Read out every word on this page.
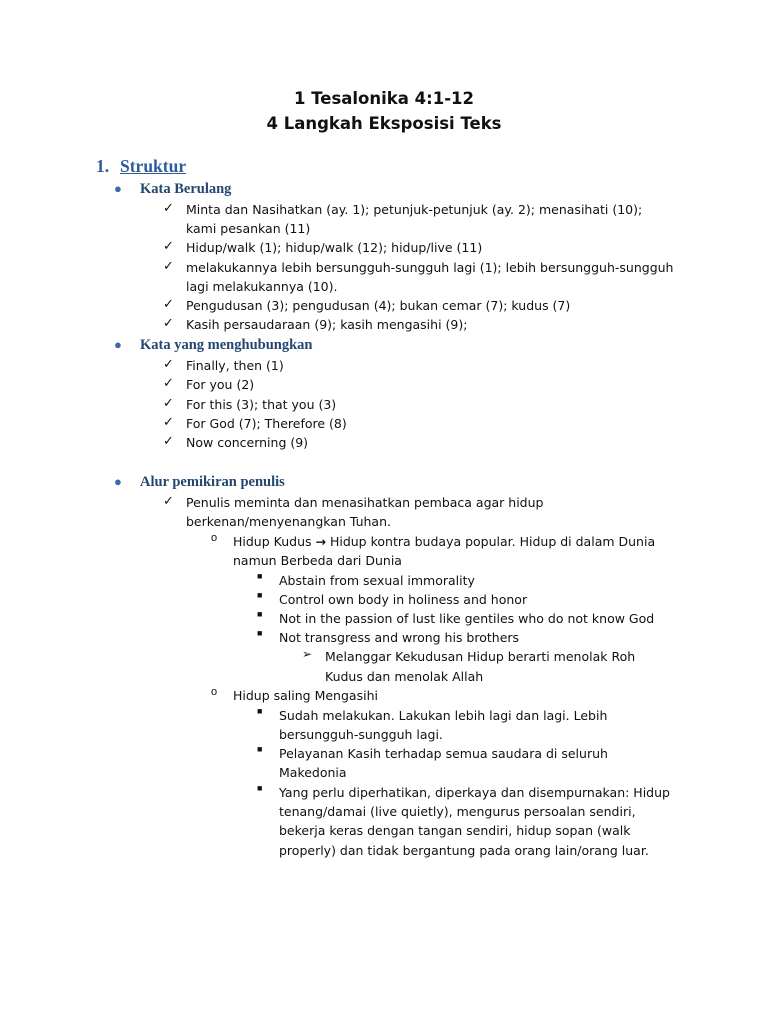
1 Tesalonika 4:1-12
4 Langkah Eksposisi Teks
1. Struktur
● Kata Berulang
✓ Minta dan Nasihatkan (ay. 1); petunjuk-petunjuk (ay. 2); menasihati (10);
kami pesankan (11)
✓ Hidup/walk (1); hidup/walk (12); hidup/live (11)
✓ melakukannya lebih bersungguh-sungguh lagi (1); lebih bersungguh-sungguh
lagi melakukannya (10).
✓ Pengudusan (3); pengudusan (4); bukan cemar (7); kudus (7)
✓ Kasih persaudaraan (9); kasih mengasihi (9);
● Kata yang menghubungkan
✓ Finally, then (1)
✓ For you (2)
✓ For this (3); that you (3)
✓ For God (7); Therefore (8)
✓ Now concerning (9)
● Alur pemikiran penulis
✓ Penulis meminta dan menasihatkan pembaca agar hidup
berkenan/menyenangkan Tuhan.
o Hidup Kudus → Hidup kontra budaya popular. Hidup di dalam Dunia
namun Berbeda dari Dunia
■ Abstain from sexual immorality
■ Control own body in holiness and honor
■ Not in the passion of lust like gentiles who do not know God
■ Not transgress and wrong his brothers
➢ Melanggar Kekudusan Hidup berarti menolak Roh
Kudus dan menolak Allah
o Hidup saling Mengasihi
■ Sudah melakukan. Lakukan lebih lagi dan lagi. Lebih
bersungguh-sungguh lagi.
■ Pelayanan Kasih terhadap semua saudara di seluruh
Makedonia
■ Yang perlu diperhatikan, diperkaya dan disempurnakan: Hidup
tenang/damai (live quietly), mengurus persoalan sendiri,
bekerja keras dengan tangan sendiri, hidup sopan (walk
properly) dan tidak bergantung pada orang lain/orang luar.
